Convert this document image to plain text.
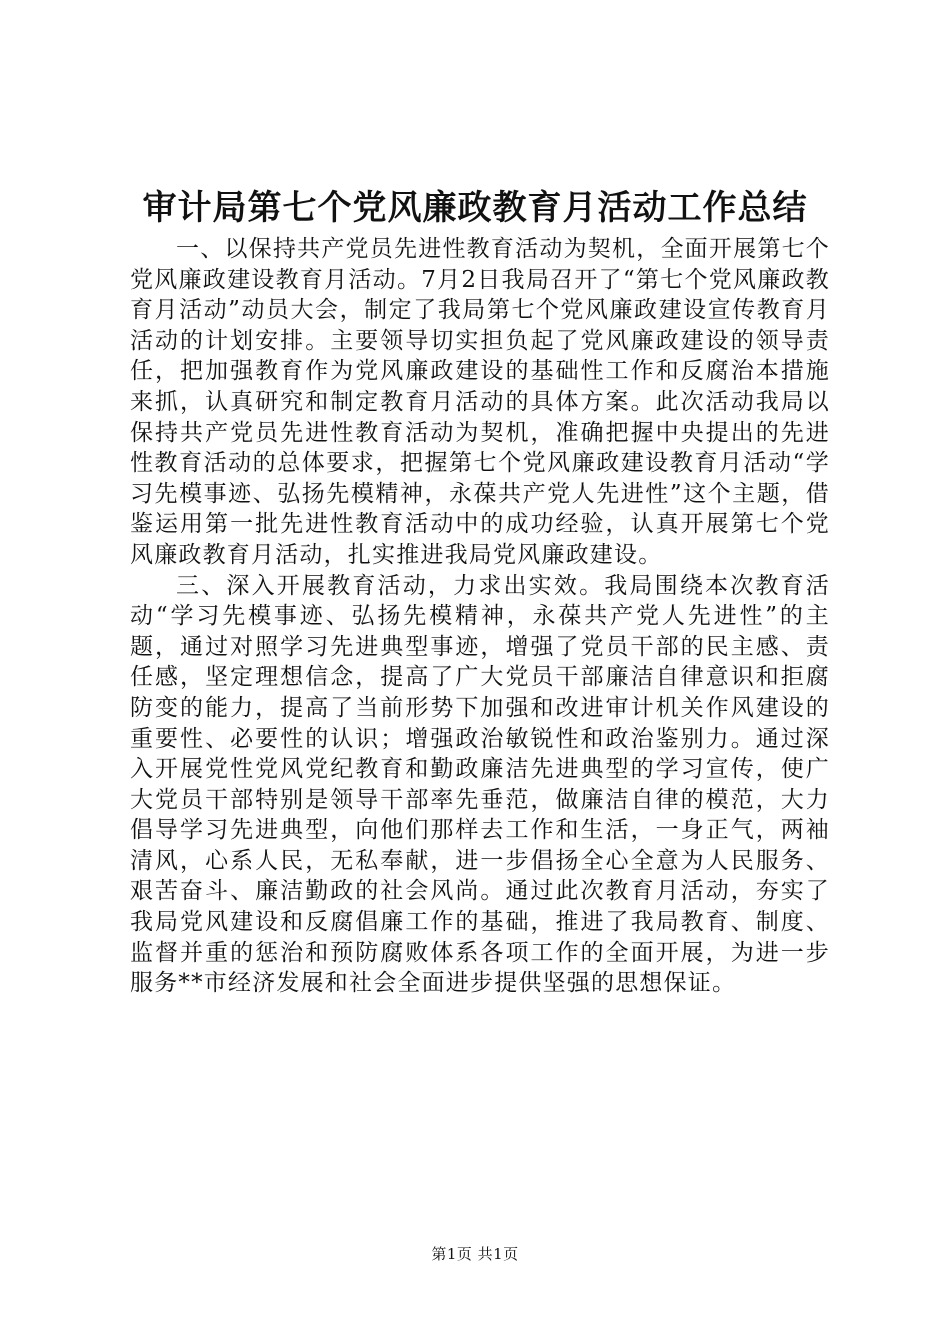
审计局第七个党风廉政教育月活动工作总结

一、以保持共产党员先进性教育活动为契机，全面开展第七个党风廉政建设教育月活动。7月2日我局召开了“第七个党风廉政教育月活动”动员大会，制定了我局第七个党风廉政建设宣传教育月活动的计划安排。主要领导切实担负起了党风廉政建设的领导责任，把加强教育作为党风廉政建设的基础性工作和反腐治本措施来抓，认真研究和制定教育月活动的具体方案。此次活动我局以保持共产党员先进性教育活动为契机，准确把握中央提出的先进性教育活动的总体要求，把握第七个党风廉政建设教育月活动“学习先模事迹、弘扬先模精神，永葆共产党人先进性”这个主题，借鉴运用第一批先进性教育活动中的成功经验，认真开展第七个党风廉政教育月活动，扎实推进我局党风廉政建设。

三、深入开展教育活动，力求出实效。我局围绕本次教育活动“学习先模事迹、弘扬先模精神，永葆共产党人先进性”的主题，通过对照学习先进典型事迹，增强了党员干部的民主感、责任感，坚定理想信念，提高了广大党员干部廉洁自律意识和拒腐防变的能力，提高了当前形势下加强和改进审计机关作风建设的重要性、必要性的认识；增强政治敏锐性和政治鉴别力。通过深入开展党性党风党纪教育和勤政廉洁先进典型的学习宣传，使广大党员干部特别是领导干部率先垂范，做廉洁自律的模范，大力倡导学习先进典型，向他们那样去工作和生活，一身正气，两袖清风，心系人民，无私奉献，进一步倡扬全心全意为人民服务、艰苦奋斗、廉洁勤政的社会风尚。通过此次教育月活动，夯实了我局党风建设和反腐倡廉工作的基础，推进了我局教育、制度、监督并重的惩治和预防腐败体系各项工作的全面开展，为进一步服务**市经济发展和社会全面进步提供坚强的思想保证。

第1页 共1页
